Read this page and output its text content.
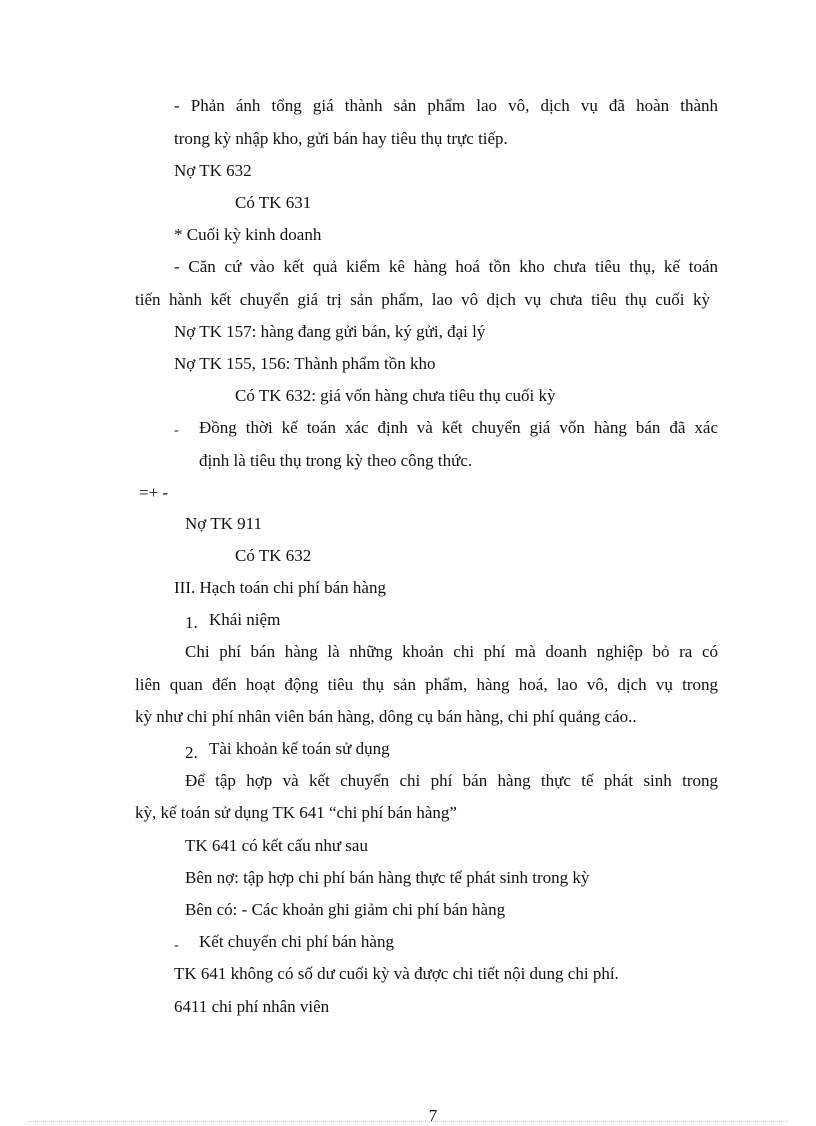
- Phản ánh tổng giá thành sản phẩm lao vô, dịch vụ đã hoàn thành

trong kỳ nhập kho, gửi bán hay tiêu thụ trực tiếp.

Nợ TK 632

Có TK 631

* Cuối kỳ kinh doanh

- Căn cứ vào kết quả kiểm kê hàng hoá tồn kho chưa tiêu thụ, kế toán

tiến hành kết chuyển giá trị sản phẩm, lao vô dịch vụ chưa tiêu thụ cuối kỳ

Nợ TK 157: hàng đang gửi bán, ký gửi, đại lý

Nợ TK 155, 156: Thành phẩm tồn kho

Có TK 632: giá vốn hàng chưa tiêu thụ cuối kỳ

- Đồng thời kế toán xác định và kết chuyển giá vốn hàng bán đã xác

định là tiêu thụ trong kỳ theo công thức.

=+ -

Nợ TK 911

Có TK 632

III. Hạch toán chi phí bán hàng

1. Khái niệm

Chi phí bán hàng là những khoản chi phí mà doanh nghiệp bỏ ra có

liên quan đến hoạt động tiêu thụ sản phẩm, hàng hoá, lao vô, dịch vụ trong

kỳ như chi phí nhân viên bán hàng, dông cụ bán hàng, chi phí quảng cáo..

2. Tài khoản kế toán sử dụng

Để tập hợp và kết chuyển chi phí bán hàng thực tế phát sinh trong

kỳ, kế toán sử dụng TK 641 “chi phí bán hàng”

TK 641 có kết cấu như sau

Bên nợ: tập hợp chi phí bán hàng thực tế phát sinh trong kỳ

Bên có: - Các khoản ghi giảm chi phí bán hàng

- Kết chuyển chi phí bán hàng

TK 641 không có số dư cuối kỳ và được chi tiết nội dung chi phí.

6411 chi phí nhân viên

7
